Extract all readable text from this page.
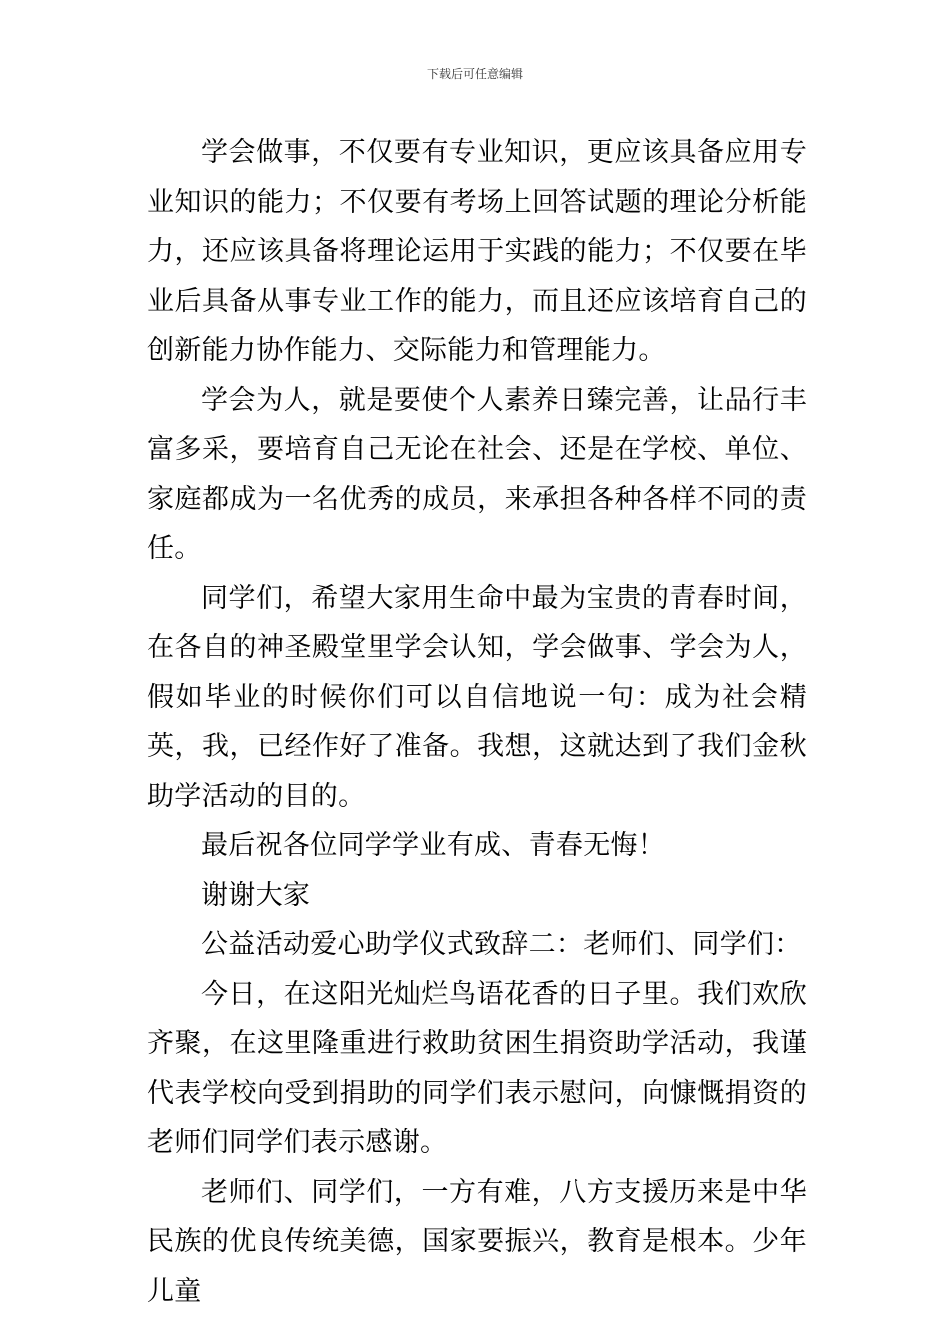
下载后可任意编辑

学会做事，不仅要有专业知识，更应该具备应用专业知识的能力；不仅要有考场上回答试题的理论分析能力，还应该具备将理论运用于实践的能力；不仅要在毕业后具备从事专业工作的能力，而且还应该培育自己的创新能力协作能力、交际能力和管理能力。

学会为人，就是要使个人素养日臻完善，让品行丰富多采，要培育自己无论在社会、还是在学校、单位、家庭都成为一名优秀的成员，来承担各种各样不同的责任。

同学们，希望大家用生命中最为宝贵的青春时间，在各自的神圣殿堂里学会认知，学会做事、学会为人，假如毕业的时候你们可以自信地说一句：成为社会精英，我，已经作好了准备。我想，这就达到了我们金秋助学活动的目的。

最后祝各位同学学业有成、青春无悔！

谢谢大家

公益活动爱心助学仪式致辞二：老师们、同学们：

今日，在这阳光灿烂鸟语花香的日子里。我们欢欣齐聚，在这里隆重进行救助贫困生捐资助学活动，我谨代表学校向受到捐助的同学们表示慰问，向慷慨捐资的老师们同学们表示感谢。

老师们、同学们，一方有难，八方支援历来是中华民族的优良传统美德，国家要振兴，教育是根本。少年儿童
